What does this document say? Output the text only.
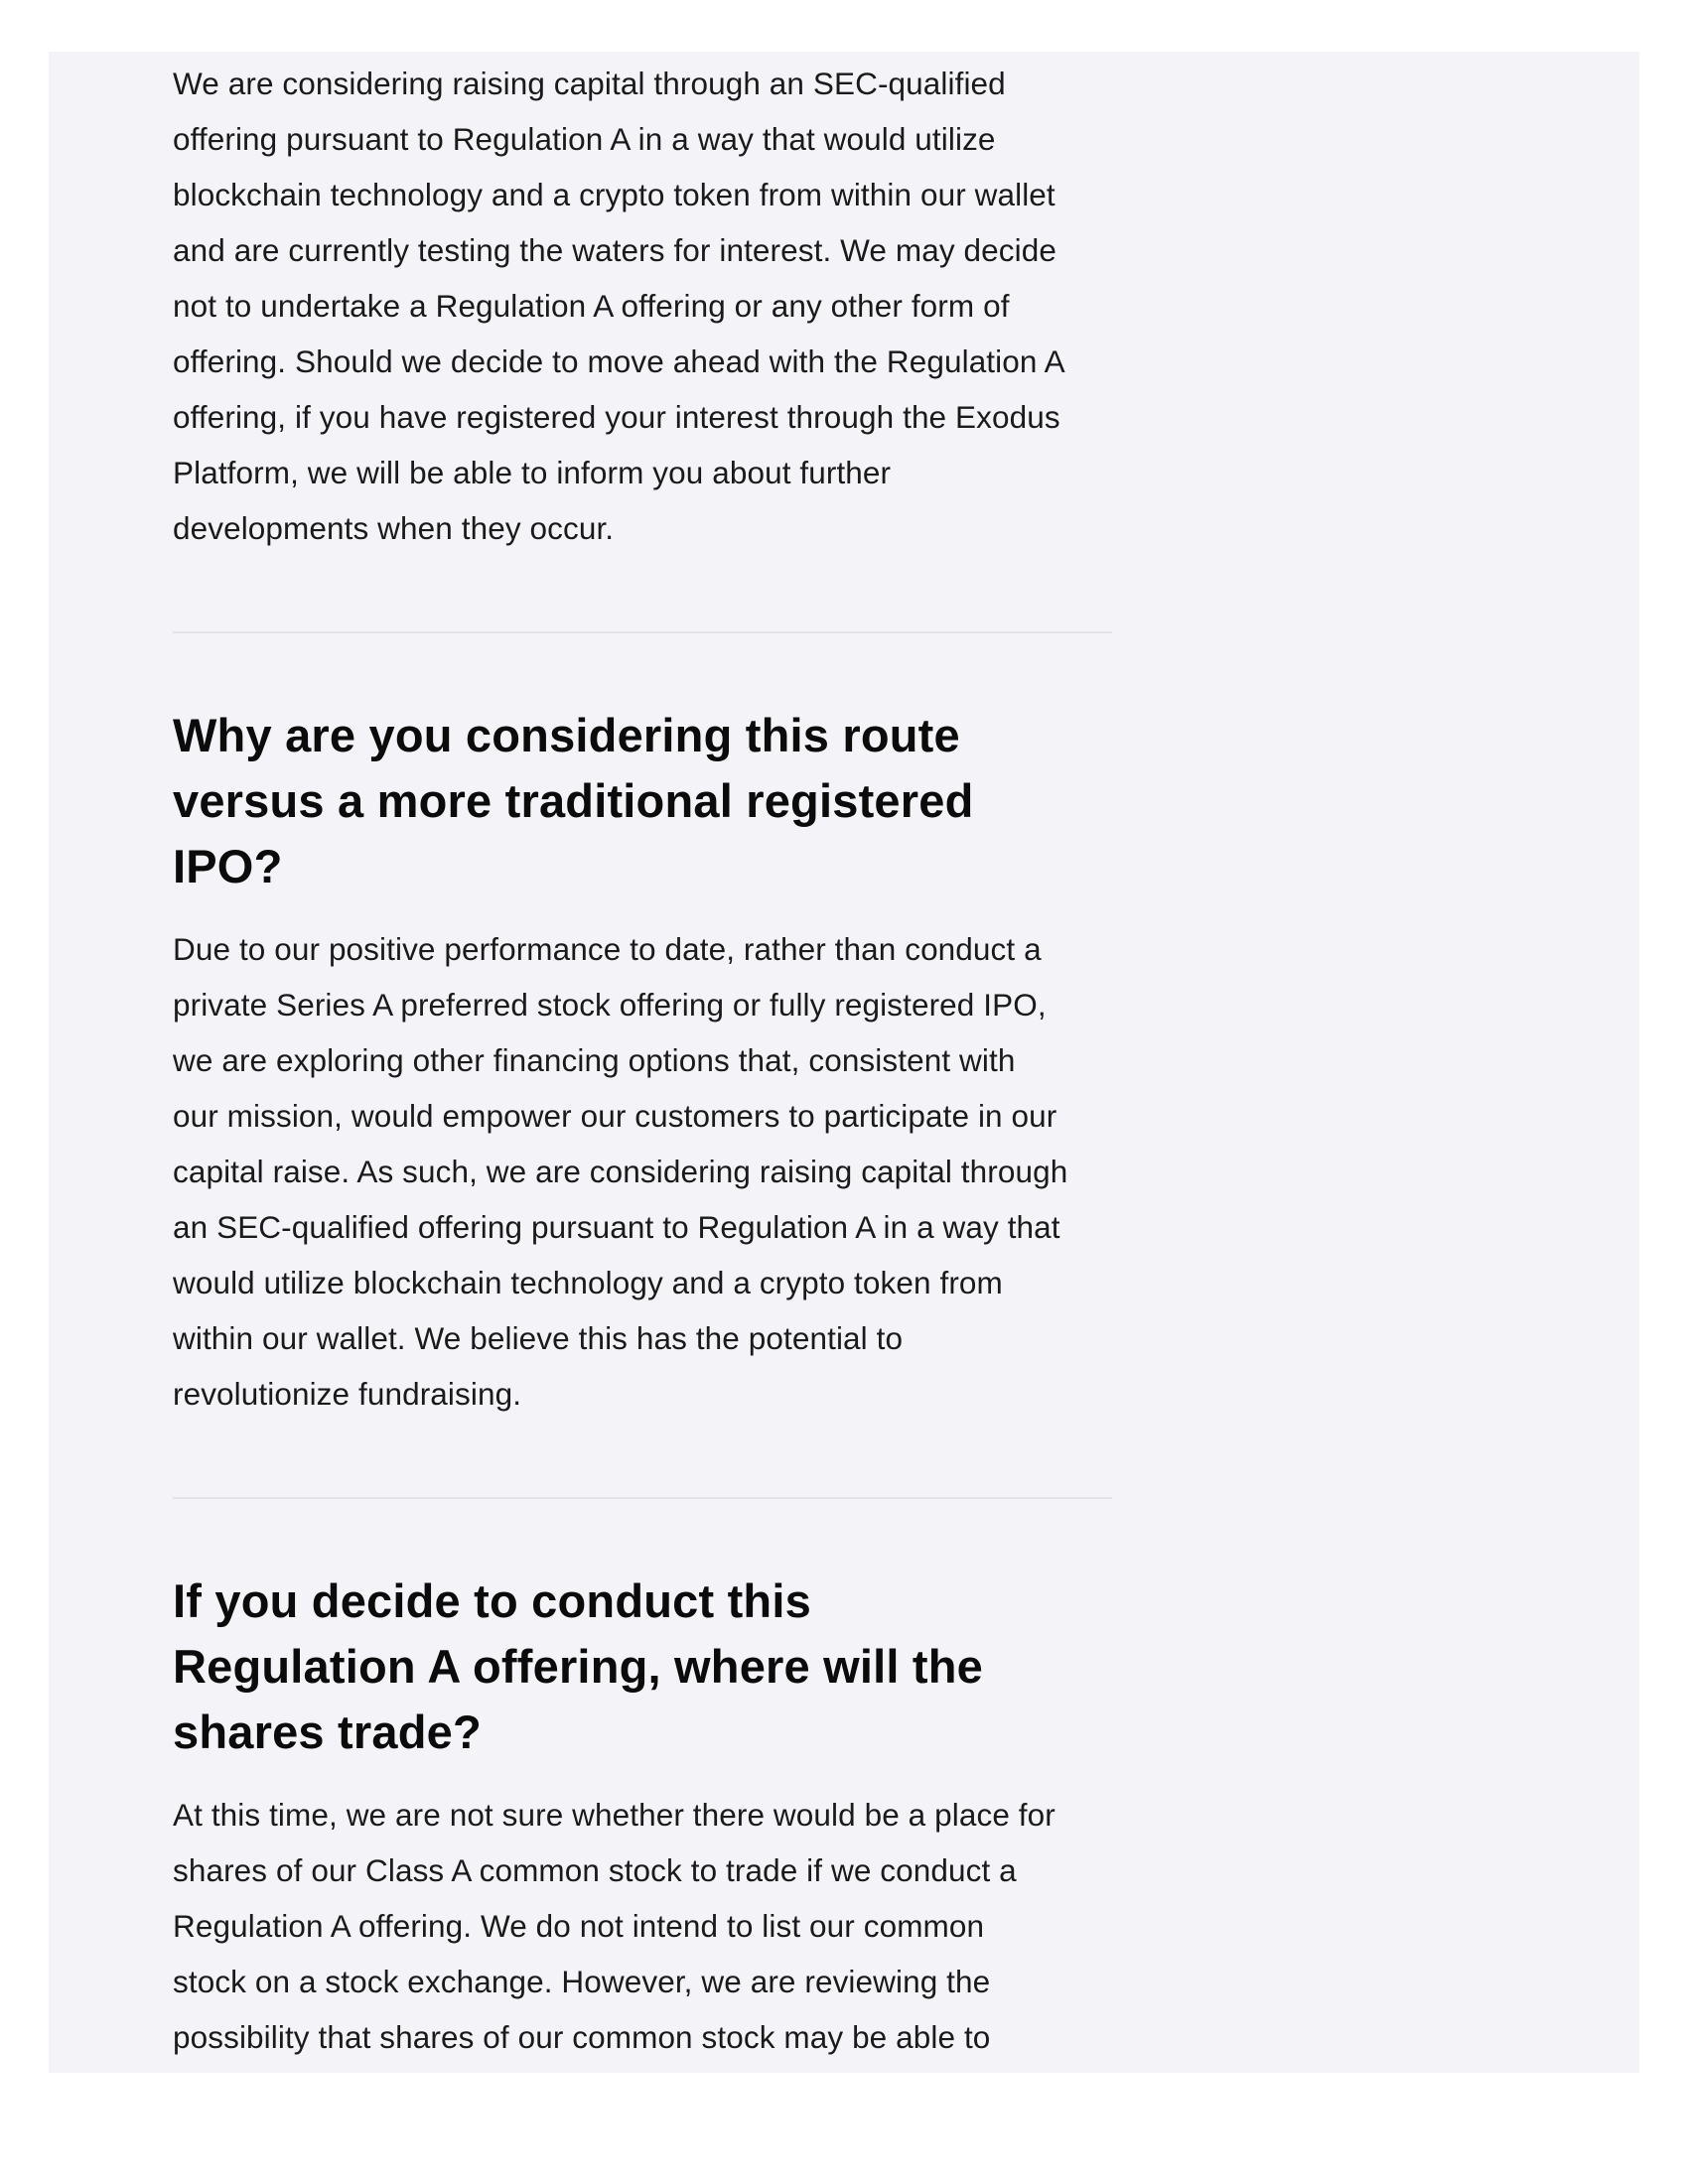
We are considering raising capital through an SEC-qualified
offering pursuant to Regulation A in a way that would utilize
blockchain technology and a crypto token from within our wallet
and are currently testing the waters for interest. We may decide
not to undertake a Regulation A offering or any other form of
offering. Should we decide to move ahead with the Regulation A
offering, if you have registered your interest through the Exodus
Platform, we will be able to inform you about further
developments when they occur.

Why are you considering this route
versus a more traditional registered
IPO?

Due to our positive performance to date, rather than conduct a
private Series A preferred stock offering or fully registered IPO,
we are exploring other financing options that, consistent with
our mission, would empower our customers to participate in our
capital raise. As such, we are considering raising capital through
an SEC-qualified offering pursuant to Regulation A in a way that
would utilize blockchain technology and a crypto token from
within our wallet. We believe this has the potential to
revolutionize fundraising.

If you decide to conduct this
Regulation A offering, where will the
shares trade?

At this time, we are not sure whether there would be a place for
shares of our Class A common stock to trade if we conduct a
Regulation A offering. We do not intend to list our common
stock on a stock exchange. However, we are reviewing the
possibility that shares of our common stock may be able to
